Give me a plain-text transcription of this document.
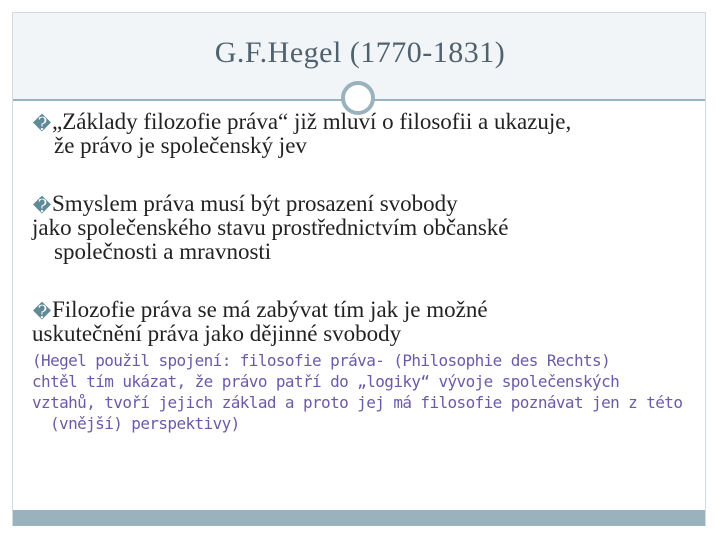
G.F.Hegel (1770-1831)

�„Základy filozofie práva“ již mluví o filosofii a ukazuje,
že právo je společenský jev

�Smyslem práva musí být prosazení svobody
jako společenského stavu prostřednictvím občanské
společnosti a mravnosti

�Filozofie práva se má zabývat tím jak je možné
uskutečnění práva jako dějinné svobody

(Hegel použil spojení: filosofie práva- (Philosophie des Rechts)
chtěl tím ukázat, že právo patří do „logiky“ vývoje společenských
vztahů, tvoří jejich základ a proto jej má filosofie poznávat jen z této
(vnější) perspektivy)
